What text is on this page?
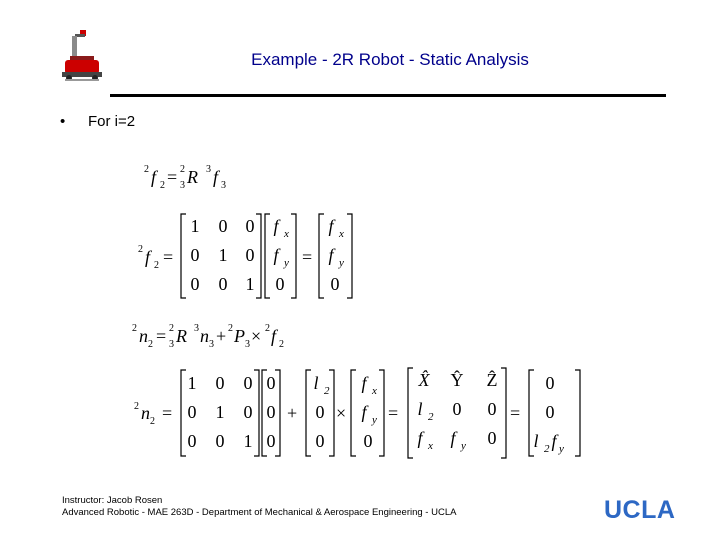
Example - 2R Robot - Static Analysis
• For i=2
2 f 2 = 2
3 R 3 f 3
2 f 2 =
1 0 0
0 1 0
0 0 1
f x
f y
0
=
f x
f y
0
2 n 2 = 2
3 R 3 n 3 + 2 P 3 × 2 f 2
2 n 2 =
1 0 0
0 1 0
0 0 1
0
0
0
+
l 2
0
0
×
f x
f y
0
=
X̂ Ŷ Ẑ
l 2 0 0
f x f y 0
=
0
0
l 2 f y
Instructor: Jacob Rosen
Advanced Robotic - MAE 263D - Department of Mechanical & Aerospace Engineering - UCLA	UCLA
